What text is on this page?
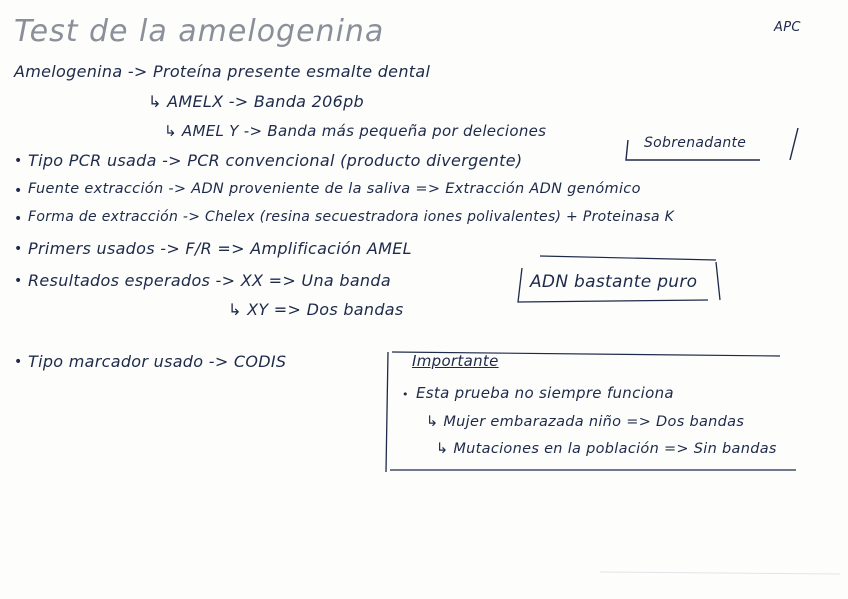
Test de la amelogenina	APC
Amelogenina -> Proteína presente esmalte dental
↳ AMELX -> Banda 206pb
↳ AMEL Y -> Banda más pequeña por deleciones
• Tipo PCR usada -> PCR convencional (producto divergente)
• Fuente extracción -> ADN proveniente de la saliva => Extracción ADN genómico
• Forma de extracción -> Chelex (resina secuestradora iones polivalentes) + Proteinasa K
• Primers usados -> F/R => Amplificación AMEL
• Resultados esperados -> XX => Una banda
↳ XY => Dos bandas
• Tipo marcador usado -> CODIS
Sobrenadante
ADN bastante puro
Importante
• Esta prueba no siempre funciona
↳ Mujer embarazada niño => Dos bandas
↳ Mutaciones en la población => Sin bandas
